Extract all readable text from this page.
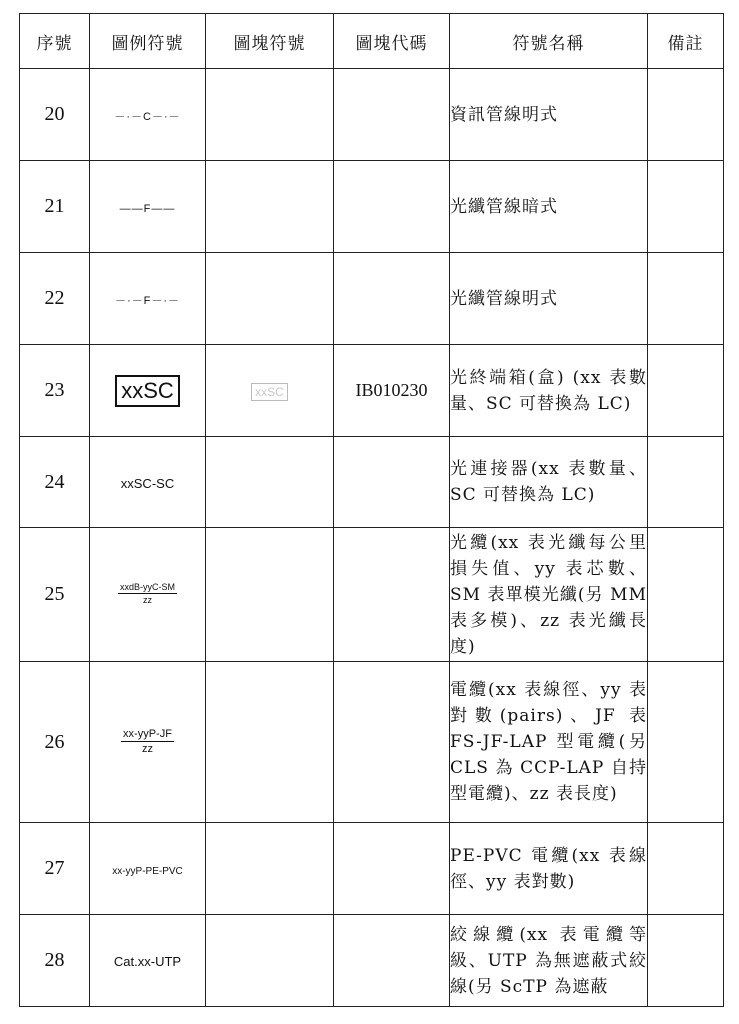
序號	圖例符號	圖塊符號	圖塊代碼	符號名稱	備註
20	－·－C－·－			資訊管線明式	
21	——F——			光纖管線暗式	
22	－·－F－·－			光纖管線明式	
23	xxSC	xxSC	IB010230	光終端箱(盒) (xx 表數量、SC 可替換為 LC)	
24	xxSC-SC			光連接器(xx 表數量、SC 可替換為 LC)	
25	$\frac{\text{xxdB-yyC-SM}}{zz}$			光纜(xx 表光纖每公里損失值、yy 表芯數、SM 表單模光纖(另 MM 表多模)、zz 表光纖長度)	
26	$\frac{\text{xx-yyP-JF}}{zz}$			電纜(xx 表線徑、yy 表對數(pairs)、JF 表 FS-JF-LAP 型電纜(另 CLS 為 CCP-LAP 自持型電纜)、zz 表長度)	
27	xx-yyP-PE-PVC			PE-PVC 電纜(xx 表線徑、yy 表對數)	
28	Cat.xx-UTP			絞線纜(xx 表電纜等級、UTP 為無遮蔽式絞線(另 ScTP 為遮蔽	
